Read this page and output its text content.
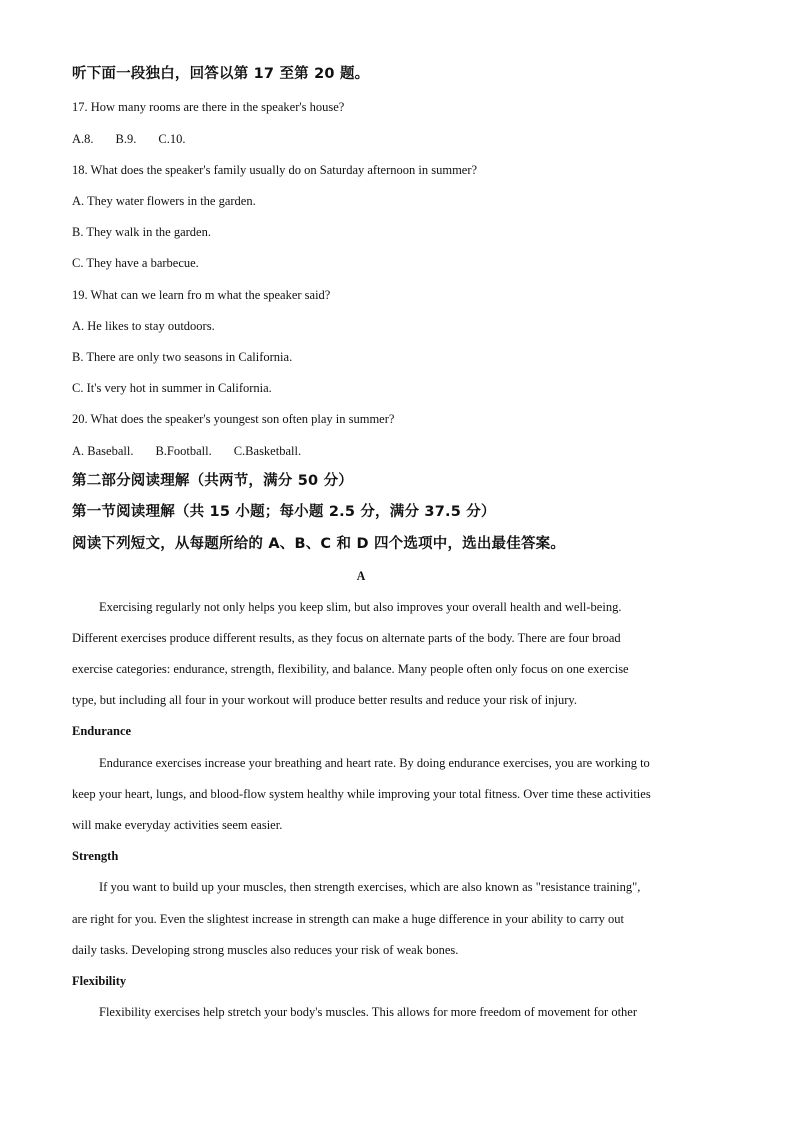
听下面一段独白，回答以第 17 至第 20 题。
17. How many rooms are there in the speaker's house?
A.8. B.9. C.10.
18. What does the speaker's family usually do on Saturday afternoon in summer?
A. They water flowers in the garden.
B. They walk in the garden.
C. They have a barbecue.
19. What can we learn fro m what the speaker said?
A. He likes to stay outdoors.
B. There are only two seasons in California.
C. It's very hot in summer in California.
20. What does the speaker's youngest son often play in summer?
A. Baseball. B.Football. C.Basketball.
第二部分阅读理解（共两节，满分 50 分）
第一节阅读理解（共 15 小题；每小题 2.5 分，满分 37.5 分）
阅读下列短文，从每题所给的 A、B、C 和 D 四个选项中，选出最佳答案。
A
Exercising regularly not only helps you keep slim, but also improves your overall health and well-being.
Different exercises produce different results, as they focus on alternate parts of the body. There are four broad
exercise categories: endurance, strength, flexibility, and balance. Many people often only focus on one exercise
type, but including all four in your workout will produce better results and reduce your risk of injury.
Endurance
Endurance exercises increase your breathing and heart rate. By doing endurance exercises, you are working to
keep your heart, lungs, and blood-flow system healthy while improving your total fitness. Over time these activities
will make everyday activities seem easier.
Strength
If you want to build up your muscles, then strength exercises, which are also known as "resistance training",
are right for you. Even the slightest increase in strength can make a huge difference in your ability to carry out
daily tasks. Developing strong muscles also reduces your risk of weak bones.
Flexibility
Flexibility exercises help stretch your body's muscles. This allows for more freedom of movement for other
